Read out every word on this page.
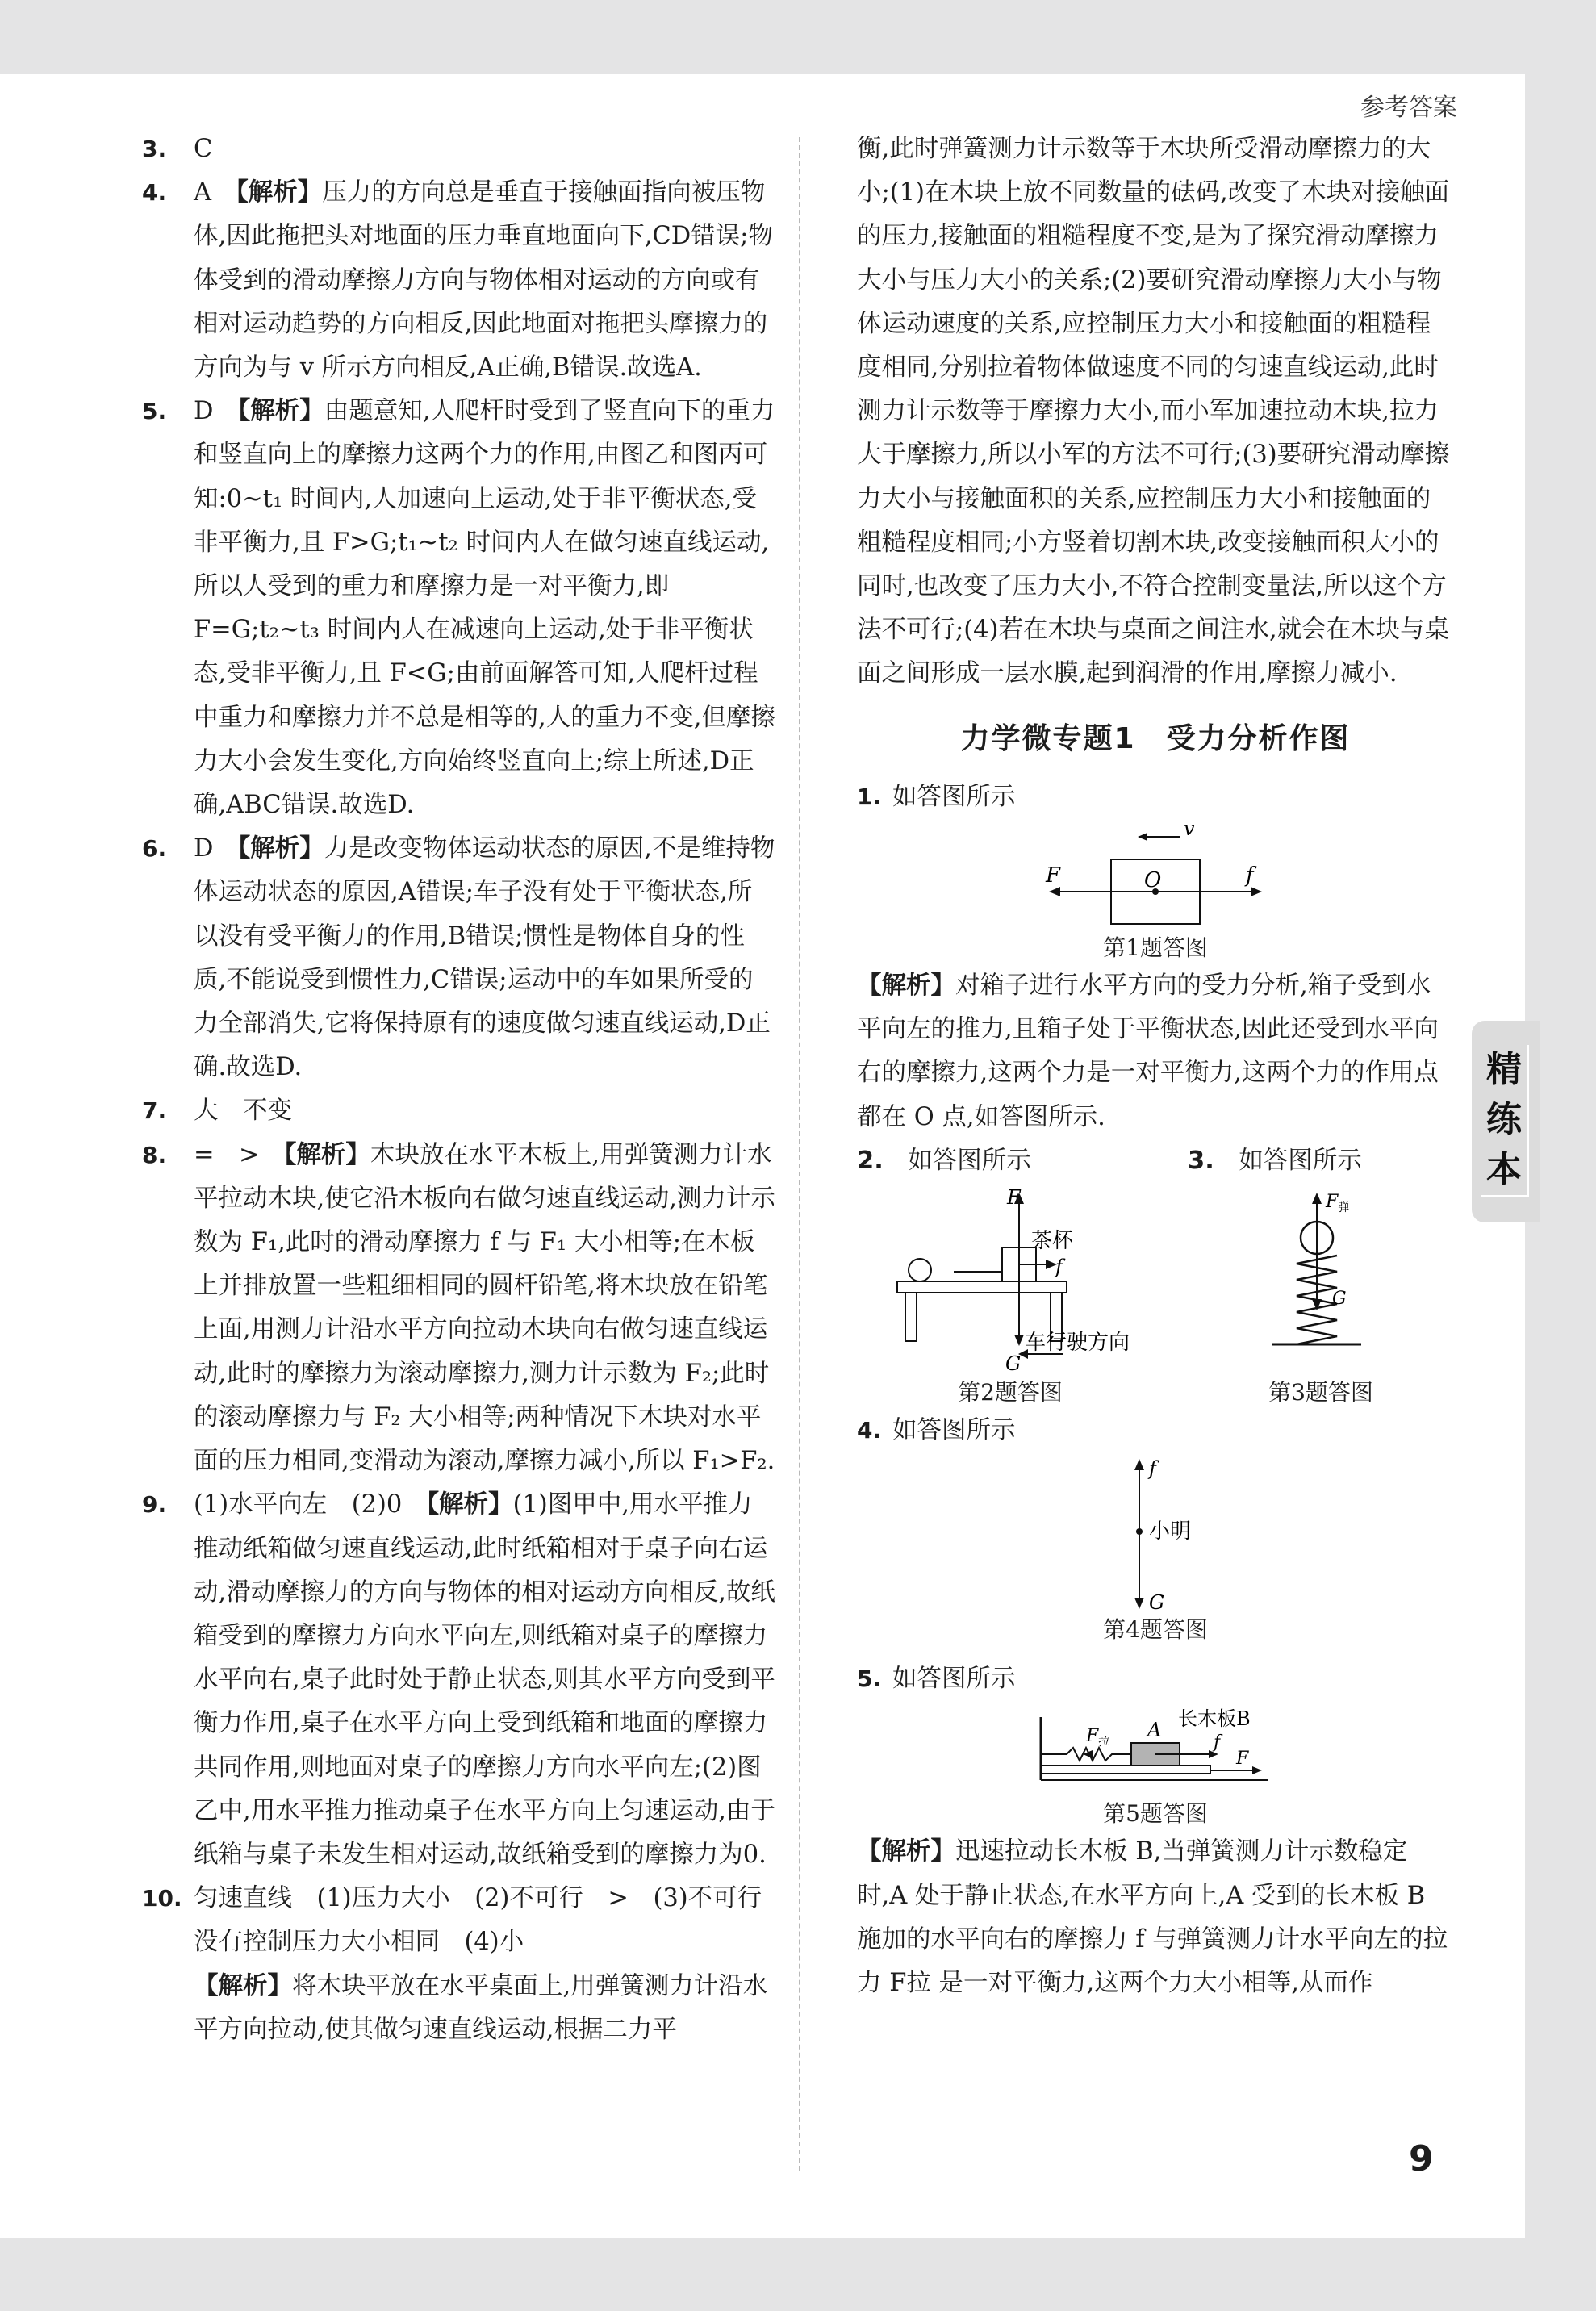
参考答案
3. C

4. A　【解析】压力的方向总是垂直于接触面指向被压物体,因此拖把头对地面的压力垂直地面向下,CD错误;物体受到的滑动摩擦力方向与物体相对运动的方向或有相对运动趋势的方向相反,因此地面对拖把头摩擦力的方向为与 v 所示方向相反,A正确,B错误.故选A.

5. D　【解析】由题意知,人爬杆时受到了竖直向下的重力和竖直向上的摩擦力这两个力的作用,由图乙和图丙可知:0~t₁ 时间内,人加速向上运动,处于非平衡状态,受非平衡力,且 F>G;t₁~t₂ 时间内人在做匀速直线运动,所以人受到的重力和摩擦力是一对平衡力,即 F=G;t₂~t₃ 时间内人在减速向上运动,处于非平衡状态,受非平衡力,且 F<G;由前面解答可知,人爬杆过程中重力和摩擦力并不总是相等的,人的重力不变,但摩擦力大小会发生变化,方向始终竖直向上;综上所述,D正确,ABC错误.故选D.

6. D　【解析】力是改变物体运动状态的原因,不是维持物体运动状态的原因,A错误;车子没有处于平衡状态,所以没有受平衡力的作用,B错误;惯性是物体自身的性质,不能说受到惯性力,C错误;运动中的车如果所受的力全部消失,它将保持原有的速度做匀速直线运动,D正确.故选D.

7. 大　不变

8. =　>　【解析】木块放在水平木板上,用弹簧测力计水平拉动木块,使它沿木板向右做匀速直线运动,测力计示数为 F₁,此时的滑动摩擦力 f 与 F₁ 大小相等;在木板上并排放置一些粗细相同的圆杆铅笔,将木块放在铅笔上面,用测力计沿水平方向拉动木块向右做匀速直线运动,此时的摩擦力为滚动摩擦力,测力计示数为 F₂;此时的滚动摩擦力与 F₂ 大小相等;两种情况下木块对水平面的压力相同,变滑动为滚动,摩擦力减小,所以 F₁>F₂.

9. (1)水平向左　(2)0　【解析】(1)图甲中,用水平推力推动纸箱做匀速直线运动,此时纸箱相对于桌子向右运动,滑动摩擦力的方向与物体的相对运动方向相反,故纸箱受到的摩擦力方向水平向左,则纸箱对桌子的摩擦力水平向右,桌子此时处于静止状态,则其水平方向受到平衡力作用,桌子在水平方向上受到纸箱和地面的摩擦力共同作用,则地面对桌子的摩擦力方向水平向左;(2)图乙中,用水平推力推动桌子在水平方向上匀速运动,由于纸箱与桌子未发生相对运动,故纸箱受到的摩擦力为0.

10. 匀速直线　(1)压力大小　(2)不可行　>　(3)不可行　没有控制压力大小相同　(4)小

【解析】将木块平放在水平桌面上,用弹簧测力计沿水平方向拉动,使其做匀速直线运动,根据二力平

衡,此时弹簧测力计示数等于木块所受滑动摩擦力的大小;(1)在木块上放不同数量的砝码,改变了木块对接触面的压力,接触面的粗糙程度不变,是为了探究滑动摩擦力大小与压力大小的关系;(2)要研究滑动摩擦力大小与物体运动速度的关系,应控制压力大小和接触面的粗糙程度相同,分别拉着物体做速度不同的匀速直线运动,此时测力计示数等于摩擦力大小,而小军加速拉动木块,拉力大于摩擦力,所以小军的方法不可行;(3)要研究滑动摩擦力大小与接触面积的关系,应控制压力大小和接触面的粗糙程度相同;小方竖着切割木块,改变接触面积大小的同时,也改变了压力大小,不符合控制变量法,所以这个方法不可行;(4)若在木块与桌面之间注水,就会在木块与桌面之间形成一层水膜,起到润滑的作用,摩擦力减小.

力学微专题1　受力分析作图
1. 如答图所示

v
F	O	f
第1题答图

【解析】对箱子进行水平方向的受力分析,箱子受到水平向左的推力,且箱子处于平衡状态,因此还受到水平向右的摩擦力,这两个力是一对平衡力,这两个力的作用点都在 O 点,如答图所示.

2.　 如答图所示

F
茶杯
f
G
车行驶方向
第2题答图

3.　 如答图所示

$F_弹$
G
第3题答图
4. 如答图所示

f
小明
G
第4题答图
5. 如答图所示

$F_拉$
A 长木板B
f
F
第5题答图

【解析】迅速拉动长木板 B,当弹簧测力计示数稳定时,A 处于静止状态,在水平方向上,A 受到的长木板 B 施加的水平向右的摩擦力 f 与弹簧测力计水平向左的拉力 F拉 是一对平衡力,这两个力大小相等,从而作

精
练
本
9
